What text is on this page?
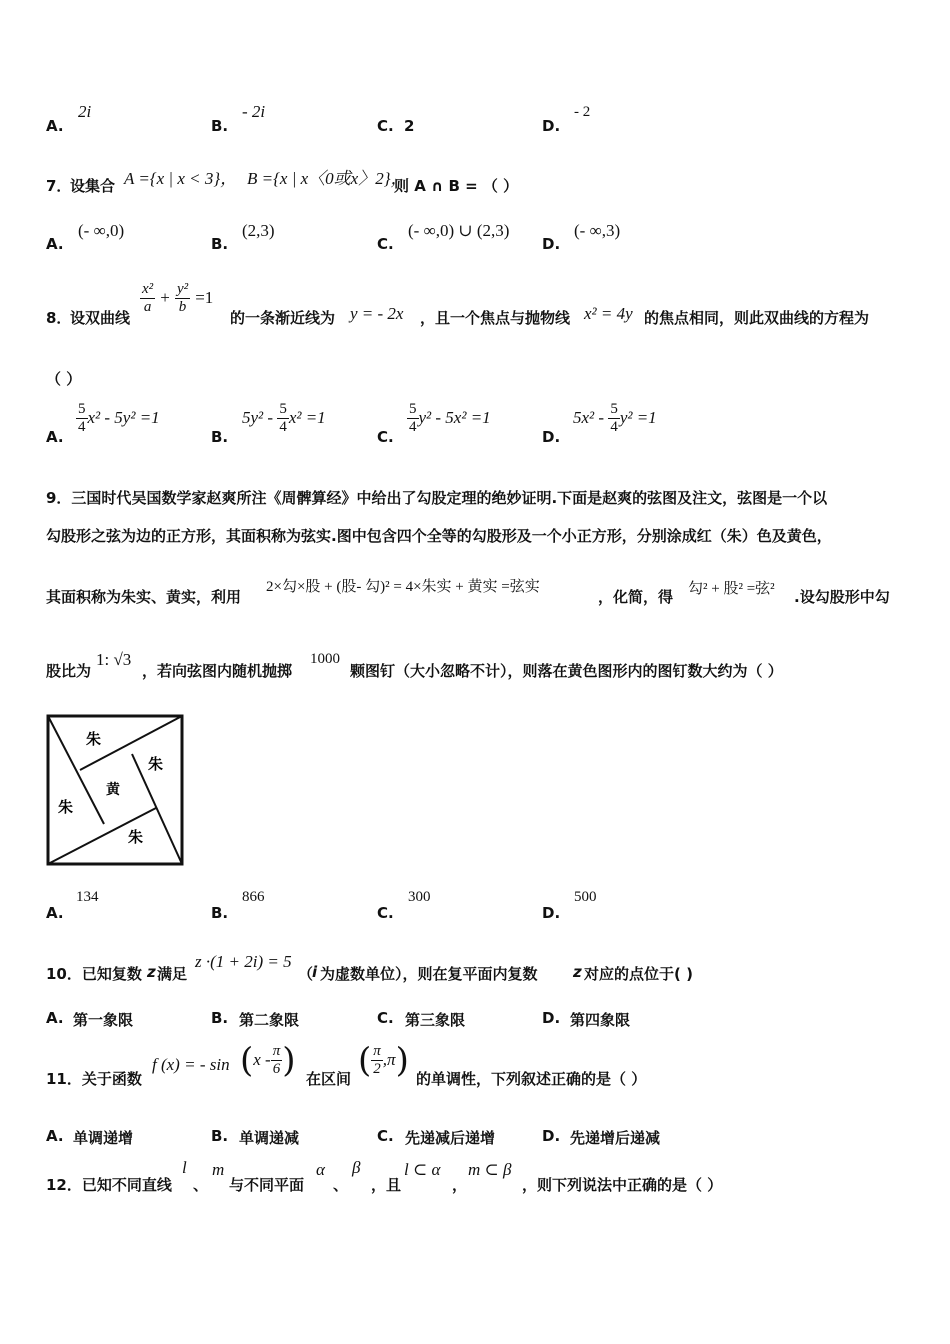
A.
2i
B.
- 2i
C. 2	D.
- 2
7．
设集合 A ={x | x < 3}， B ={x | x〈0或x〉2}，
则 A ∩ B = （ ）
A.
(- ∞,0)
B.
(2,3)
C.
(- ∞,0) ∪ (2,3)
D.
(- ∞,3)
8．
设双曲线
$\frac{\text{x²}}{a} + \frac{\text{y²}}{b} =1$
的一条渐近线为 y = - 2x ，且一个焦点与抛物线 x² = 4y 的焦点相同，则此双曲线的方程为
（ ）
A.
$\frac{5}{4} x^2 - 5y^2 =1$
B.
$5y^2 - \frac{5}{4} x^2 =1$
C.
$\frac{5}{4} y^2 - 5x^2 =1$
D.
$5x^2 - \frac{5}{4} y^2 =1$
9．三国时代吴国数学家赵爽所注《周髀算经》中给出了勾股定理的绝妙证明.下面是赵爽的弦图及注文，弦图是一个以
勾股形之弦为边的正方形，其面积称为弦实.图中包含四个全等的勾股形及一个小正方形，分别涂成红（朱）色及黄色，
其面积称为朱实、黄实，利用
2×勾×股 + (股- 勾)² = 4×朱实 + 黄实 =弦实
，化简，得 勾² + 股² =弦² .设勾股形中勾
股比为
1: √3
，若向弦图内随机抛掷
1000
颗图钉（大小忽略不计），则落在黄色图形内的图钉数大约为（ ）
朱
朱
黄
朱
朱
A.
134
B.
866
C.
300
D.
500
10．已知复数 z 满足
z ·(1 + 2i) = 5
（
i 为虚数单位），则在复平面内复数 z 对应的点位于( )
A. 第一象限	B. 第二象限	C. 第三象限	D. 第四象限
11．关于函数
f (x) = - $\sin (x - \frac{\pi}{6}$ ) 在区间 ( $\frac{\pi}{2} ,\pi$) 的单调性，下列叙述正确的是（ ）
A. 单调递增	B. 单调递减	C. 先递减后递增	D. 先递增后递减
12．已知不同直线
l
、
m
与不同平面
α
、
β
，且
l ⊂ α
，
m ⊂ β
，则下列说法中正确的是（ ）
